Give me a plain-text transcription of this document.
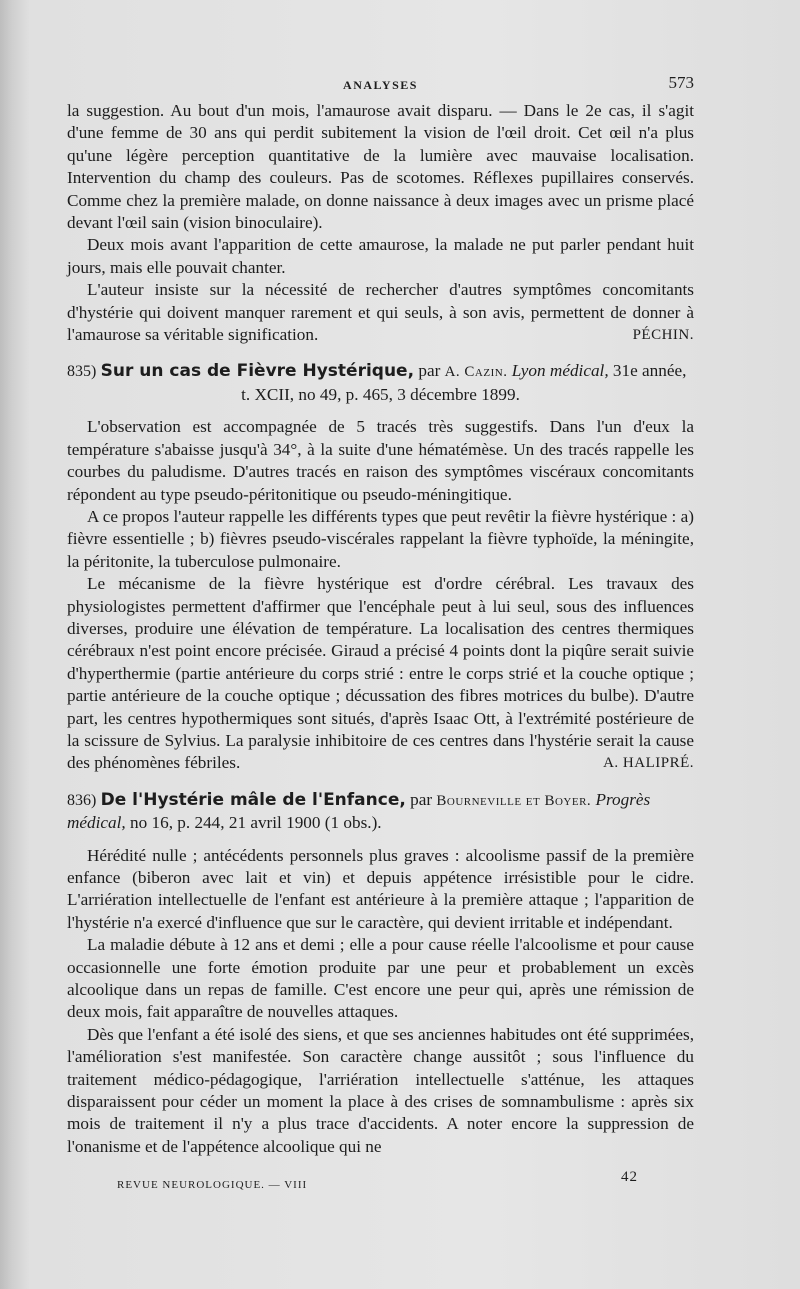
ANALYSES	573

la suggestion. Au bout d'un mois, l'amaurose avait disparu. — Dans le 2e cas, il s'agit d'une femme de 30 ans qui perdit subitement la vision de l'œil droit. Cet œil n'a plus qu'une légère perception quantitative de la lumière avec mauvaise localisation. Intervention du champ des couleurs. Pas de scotomes. Réflexes pupillaires conservés. Comme chez la première malade, on donne naissance à deux images avec un prisme placé devant l'œil sain (vision binoculaire).

Deux mois avant l'apparition de cette amaurose, la malade ne put parler pendant huit jours, mais elle pouvait chanter.

L'auteur insiste sur la nécessité de rechercher d'autres symptômes concomitants d'hystérie qui doivent manquer rarement et qui seuls, à son avis, permettent de donner à l'amaurose sa véritable signification.	PÉCHIN.

835) Sur un cas de Fièvre Hystérique, par A. Cazin. Lyon médical, 31e année,
t. XCII, no 49, p. 465, 3 décembre 1899.

L'observation est accompagnée de 5 tracés très suggestifs. Dans l'un d'eux la température s'abaisse jusqu'à 34°, à la suite d'une hématémèse. Un des tracés rappelle les courbes du paludisme. D'autres tracés en raison des symptômes viscéraux concomitants répondent au type pseudo-péritonitique ou pseudo-méningitique.

A ce propos l'auteur rappelle les différents types que peut revêtir la fièvre hystérique : a) fièvre essentielle ; b) fièvres pseudo-viscérales rappelant la fièvre typhoïde, la méningite, la péritonite, la tuberculose pulmonaire.

Le mécanisme de la fièvre hystérique est d'ordre cérébral. Les travaux des physiologistes permettent d'affirmer que l'encéphale peut à lui seul, sous des influences diverses, produire une élévation de température. La localisation des centres thermiques cérébraux n'est point encore précisée. Giraud a précisé 4 points dont la piqûre serait suivie d'hyperthermie (partie antérieure du corps strié : entre le corps strié et la couche optique ; partie antérieure de la couche optique ; décussation des fibres motrices du bulbe). D'autre part, les centres hypothermiques sont situés, d'après Isaac Ott, à l'extrémité postérieure de la scissure de Sylvius. La paralysie inhibitoire de ces centres dans l'hystérie serait la cause des phénomènes fébriles.	A. HALIPRÉ.

836) De l'Hystérie mâle de l'Enfance, par Bourneville et Boyer. Progrès médical, no 16, p. 244, 21 avril 1900 (1 obs.).

Hérédité nulle ; antécédents personnels plus graves : alcoolisme passif de la première enfance (biberon avec lait et vin) et depuis appétence irrésistible pour le cidre. L'arriération intellectuelle de l'enfant est antérieure à la première attaque ; l'apparition de l'hystérie n'a exercé d'influence que sur le caractère, qui devient irritable et indépendant.

La maladie débute à 12 ans et demi ; elle a pour cause réelle l'alcoolisme et pour cause occasionnelle une forte émotion produite par une peur et probablement un excès alcoolique dans un repas de famille. C'est encore une peur qui, après une rémission de deux mois, fait apparaître de nouvelles attaques.

Dès que l'enfant a été isolé des siens, et que ses anciennes habitudes ont été supprimées, l'amélioration s'est manifestée. Son caractère change aussitôt ; sous l'influence du traitement médico-pédagogique, l'arriération intellectuelle s'atténue, les attaques disparaissent pour céder un moment la place à des crises de somnambulisme : après six mois de traitement il n'y a plus trace d'accidents. A noter encore la suppression de l'onanisme et de l'appétence alcoolique qui ne

REVUE NEUROLOGIQUE. — VIII	42
